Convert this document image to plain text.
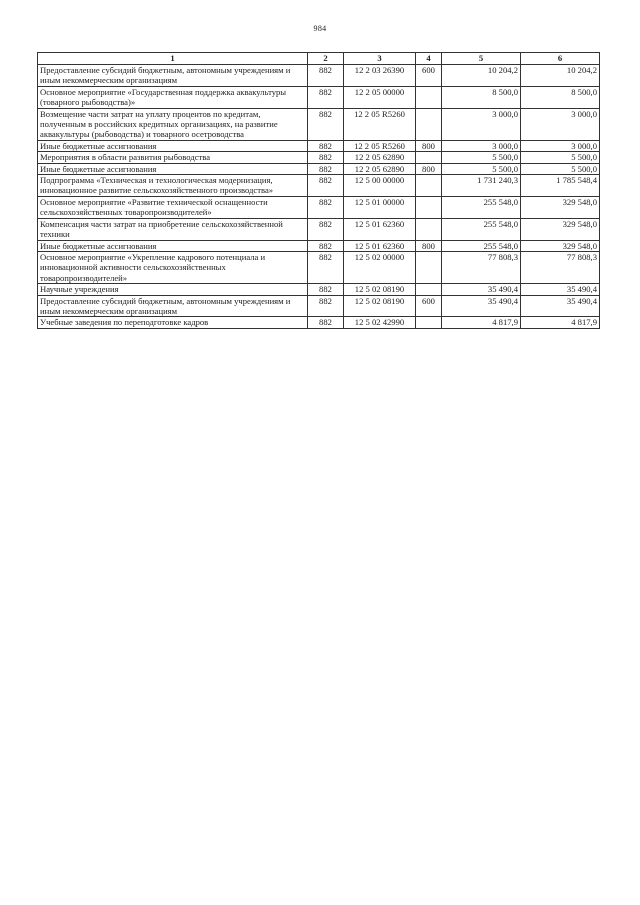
984
1	2	3	4	5	6
Предоставление субсидий бюджетным, автономным учреждениям и иным некоммерческим организациям	882	12 2 03 26390	600	10 204,2	10 204,2
Основное мероприятие «Государственная поддержка аквакультуры (товарного рыбоводства)»	882	12 2 05 00000		8 500,0	8 500,0
Возмещение части затрат на уплату процентов по кредитам, полученным в российских кредитных организациях, на развитие аквакультуры (рыбоводства) и товарного осетроводства	882	12 2 05 R5260		3 000,0	3 000,0
Иные бюджетные ассигнования	882	12 2 05 R5260	800	3 000,0	3 000,0
Мероприятия в области развития рыбоводства	882	12 2 05 62890		5 500,0	5 500,0
Иные бюджетные ассигнования	882	12 2 05 62890	800	5 500,0	5 500,0
Подпрограмма «Техническая и технологическая модернизация, инновационное развитие сельскохозяйственного производства»	882	12 5 00 00000		1 731 240,3	1 785 548,4
Основное мероприятие «Развитие технической оснащенности сельскохозяйственных товаропроизводителей»	882	12 5 01 00000		255 548,0	329 548,0
Компенсация части затрат на приобретение сельскохозяйственной техники	882	12 5 01 62360		255 548,0	329 548,0
Иные бюджетные ассигнования	882	12 5 01 62360	800	255 548,0	329 548,0
Основное мероприятие «Укрепление кадрового потенциала и инновационной активности сельскохозяйственных товаропроизводителей»	882	12 5 02 00000		77 808,3	77 808,3
Научные учреждения	882	12 5 02 08190		35 490,4	35 490,4
Предоставление субсидий бюджетным, автономным учреждениям и иным некоммерческим организациям	882	12 5 02 08190	600	35 490,4	35 490,4
Учебные заведения по переподготовке кадров	882	12 5 02 42990		4 817,9	4 817,9
